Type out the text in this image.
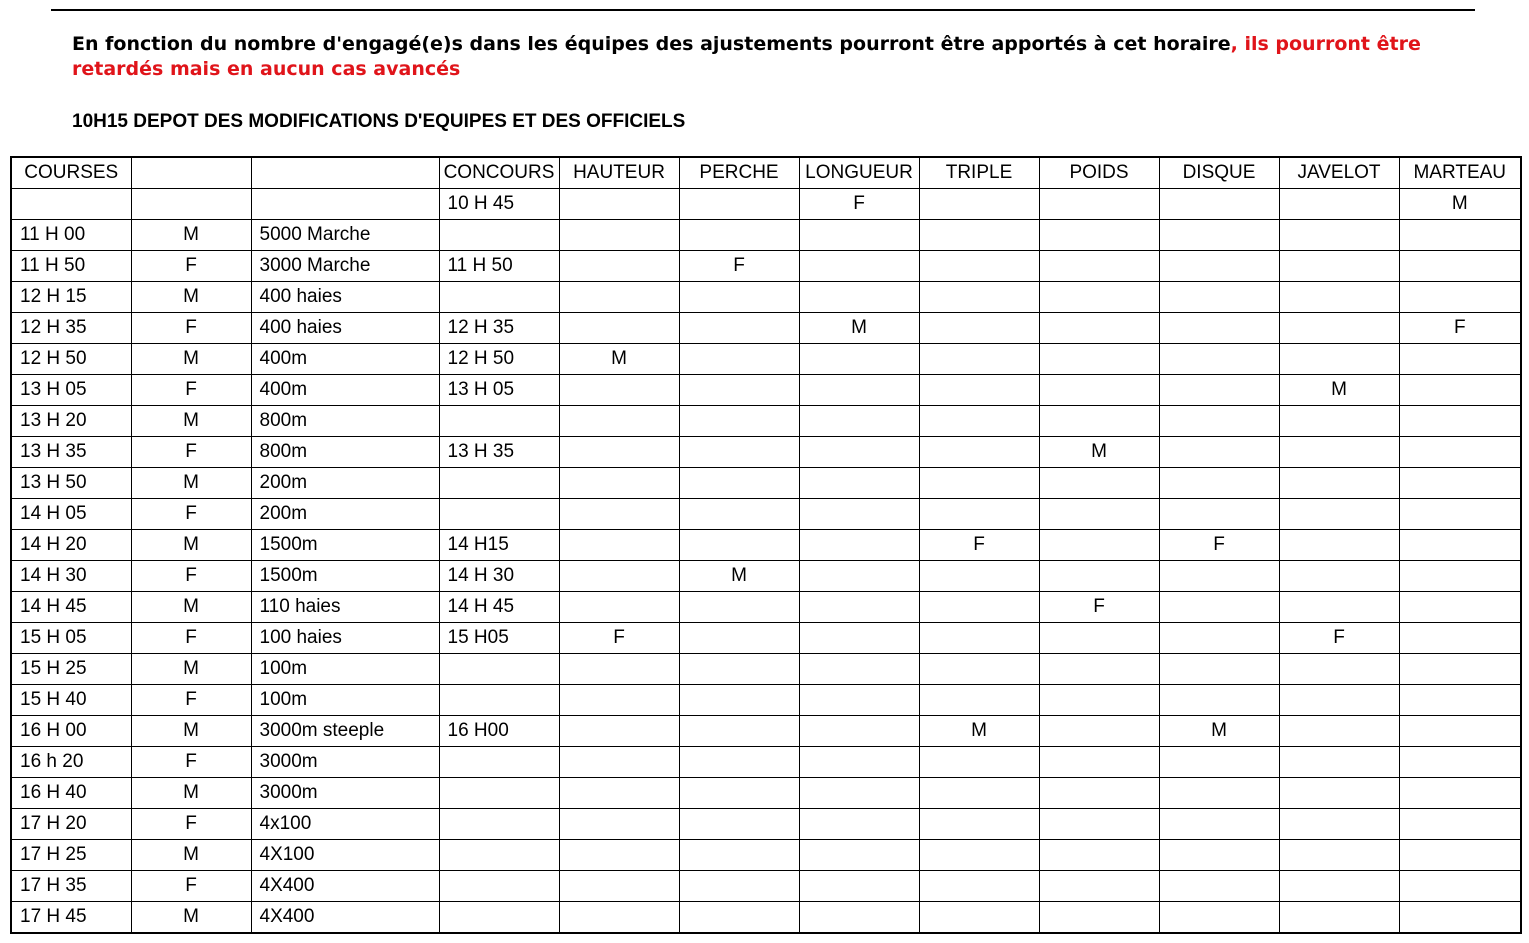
En fonction du nombre d'engagé(e)s dans les équipes des ajustements pourront être apportés à cet horaire, ils pourront être retardés mais en aucun cas avancés
10H15 DEPOT DES MODIFICATIONS D'EQUIPES ET DES OFFICIELS
COURSES			CONCOURS	HAUTEUR	PERCHE	LONGUEUR	TRIPLE	POIDS	DISQUE	JAVELOT	MARTEAU
			10 H 45			F					M
11 H 00	M	5000 Marche									
11 H 50	F	3000 Marche	11 H 50		F						
12 H 15	M	400 haies									
12 H 35	F	400 haies	12 H 35			M					F
12 H 50	M	400m	12 H 50	M							
13 H 05	F	400m	13 H 05							M	
13 H 20	M	800m									
13 H 35	F	800m	13 H 35					M			
13 H 50	M	200m									
14 H 05	F	200m									
14 H 20	M	1500m	14 H15				F		F		
14 H 30	F	1500m	14 H 30		M						
14 H 45	M	110 haies	14 H 45					F			
15 H 05	F	100 haies	15 H05	F						F	
15 H 25	M	100m									
15 H 40	F	100m									
16 H 00	M	3000m steeple	16 H00				M		M		
16 h 20	F	3000m									
16 H 40	M	3000m									
17 H 20	F	4x100									
17 H 25	M	4X100									
17 H 35	F	4X400									
17 H 45	M	4X400									
